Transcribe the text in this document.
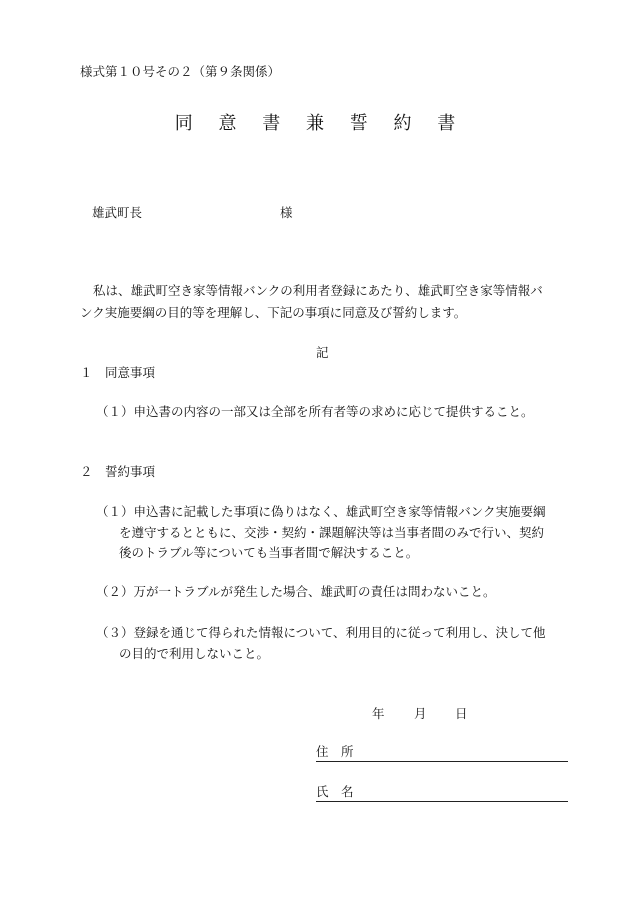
様式第１０号その２（第９条関係）
同 意 書 兼 誓 約 書
雄武町長	様
私は、雄武町空き家等情報バンクの利用者登録にあたり、雄武町空き家等情報バ
ンク実施要綱の目的等を理解し、下記の事項に同意及び誓約します。
記
１　同意事項
（１）申込書の内容の一部又は全部を所有者等の求めに応じて提供すること。
２　誓約事項
（１）申込書に記載した事項に偽りはなく、雄武町空き家等情報バンク実施要綱
を遵守するとともに、交渉・契約・課題解決等は当事者間のみで行い、契約
後のトラブル等についても当事者間で解決すること。
（２）万が一トラブルが発生した場合、雄武町の責任は問わないこと。
（３）登録を通じて得られた情報について、利用目的に従って利用し、決して他
の目的で利用しないこと。
年 月 日
住　所
氏　名
